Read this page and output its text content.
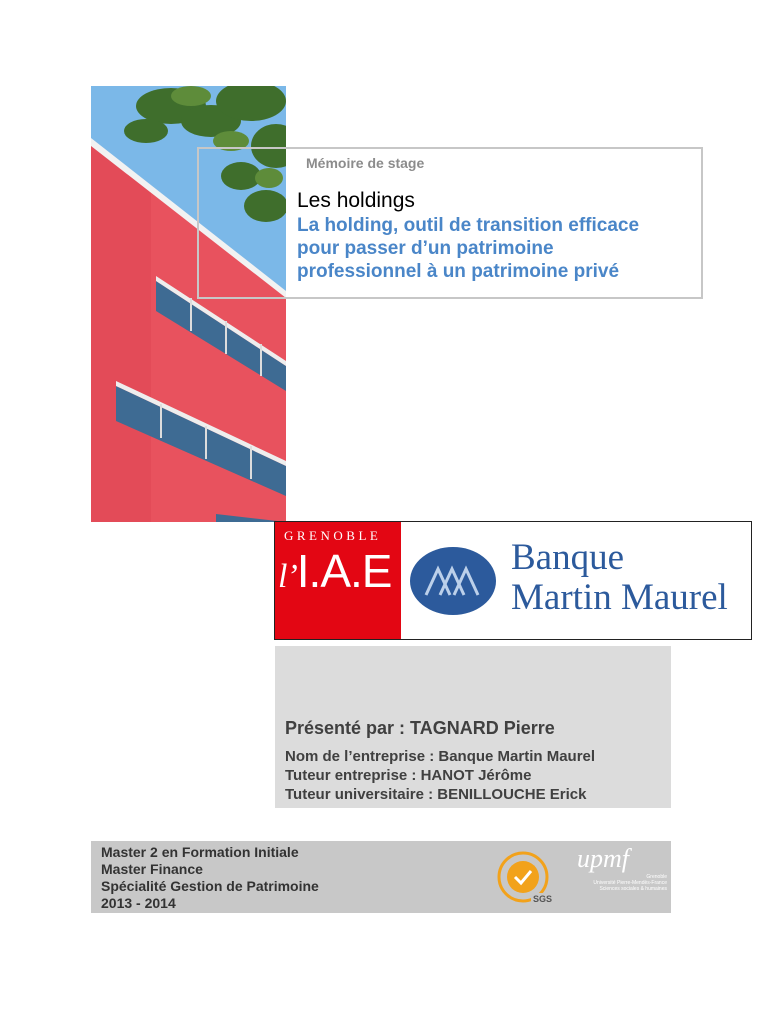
Mémoire de stage
Les holdings
La holding, outil de transition efficace
pour passer d’un patrimoine
professionnel à un patrimoine privé
GRENOBLE
l’I.A.E	Banque
Martin Maurel
Présenté par : TAGNARD Pierre
Nom de l’entreprise : Banque Martin Maurel
Tuteur entreprise : HANOT Jérôme
Tuteur universitaire : BENILLOUCHE Erick
Master 2 en Formation Initiale
Master Finance
Spécialité Gestion de Patrimoine
2013 - 2014	SGS
upmf
Grenoble
Université Pierre-Mendès-France
Sciences sociales & humaines
